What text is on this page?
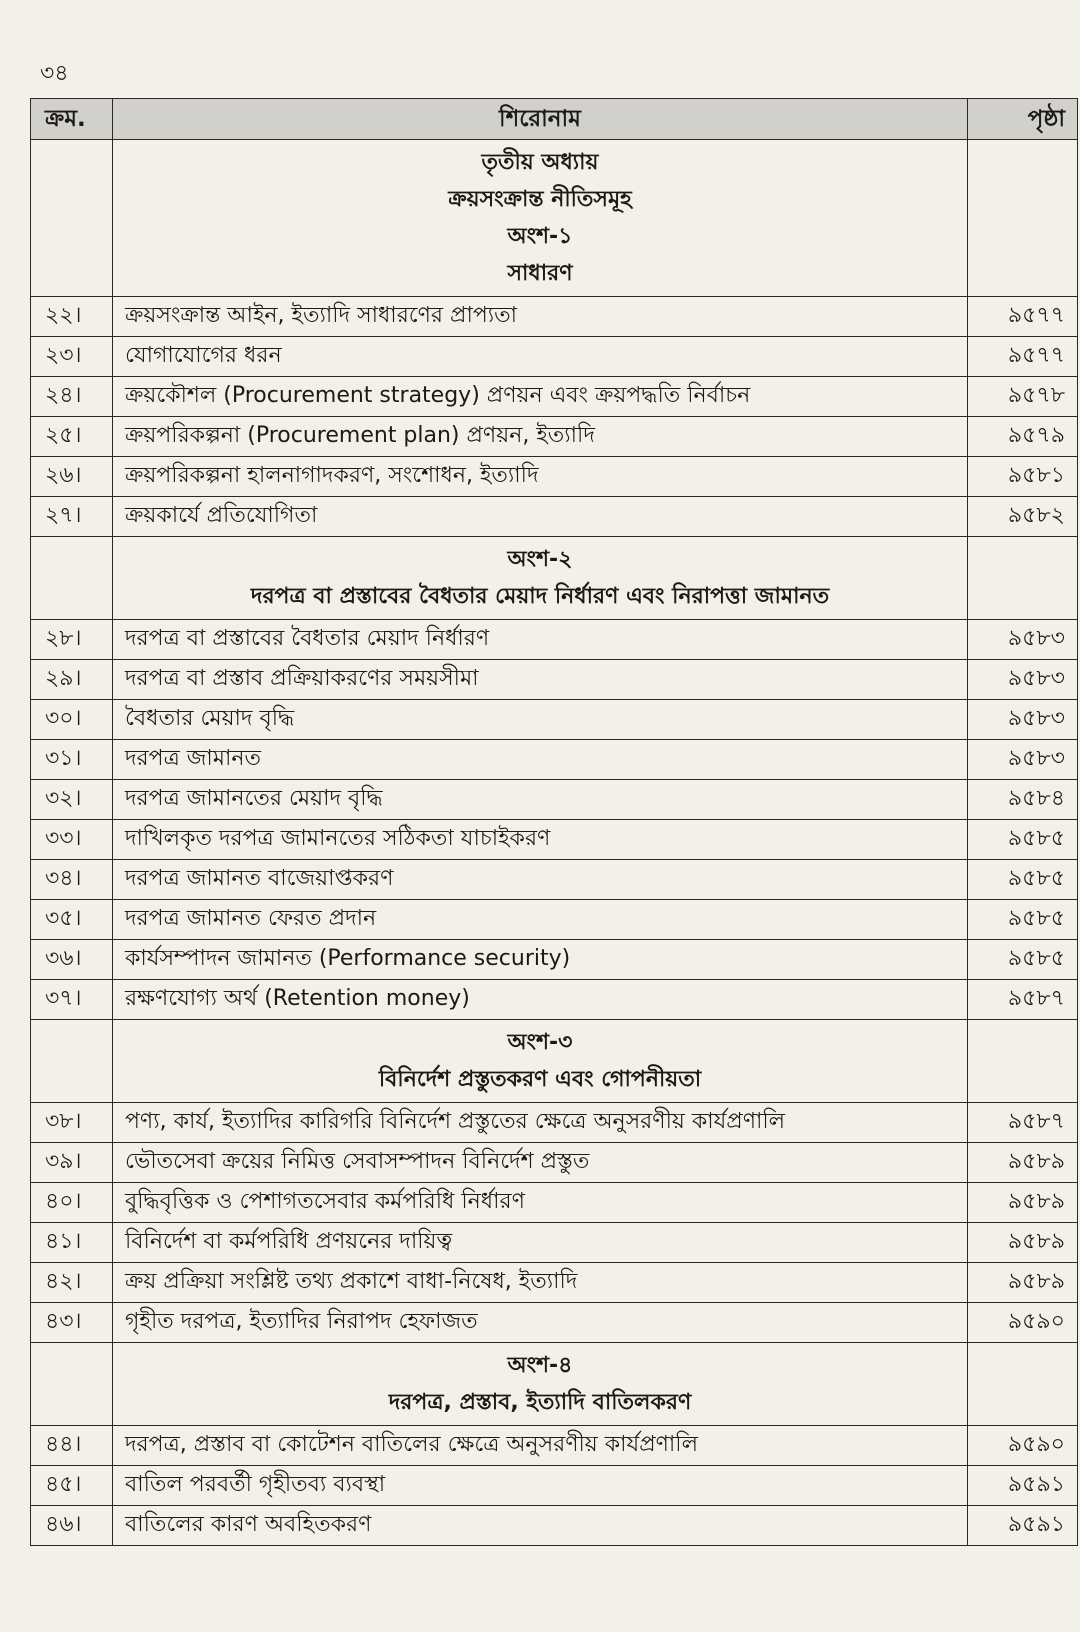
৩৪
ক্রম.	শিরোনাম	পৃষ্ঠা

	তৃতীয় অধ্যায়
ক্রয়সংক্রান্ত নীতিসমূহ
অংশ-১
সাধারণ	

২২।	ক্রয়সংক্রান্ত আইন, ইত্যাদি সাধারণের প্রাপ্যতা	৯৫৭৭
২৩।	যোগাযোগের ধরন	৯৫৭৭
২৪।	ক্রয়কৌশল (Procurement strategy) প্রণয়ন এবং ক্রয়পদ্ধতি নির্বাচন	৯৫৭৮
২৫।	ক্রয়পরিকল্পনা (Procurement plan) প্রণয়ন, ইত্যাদি	৯৫৭৯
২৬।	ক্রয়পরিকল্পনা হালনাগাদকরণ, সংশোধন, ইত্যাদি	৯৫৮১
২৭।	ক্রয়কার্যে প্রতিযোগিতা	৯৫৮২

	অংশ-২
দরপত্র বা প্রস্তাবের বৈধতার মেয়াদ নির্ধারণ এবং নিরাপত্তা জামানত	

২৮।	দরপত্র বা প্রস্তাবের বৈধতার মেয়াদ নির্ধারণ	৯৫৮৩
২৯।	দরপত্র বা প্রস্তাব প্রক্রিয়াকরণের সময়সীমা	৯৫৮৩
৩০।	বৈধতার মেয়াদ বৃদ্ধি	৯৫৮৩
৩১।	দরপত্র জামানত	৯৫৮৩
৩২।	দরপত্র জামানতের মেয়াদ বৃদ্ধি	৯৫৮৪
৩৩।	দাখিলকৃত দরপত্র জামানতের সঠিকতা যাচাইকরণ	৯৫৮৫
৩৪।	দরপত্র জামানত বাজেয়াপ্তকরণ	৯৫৮৫
৩৫।	দরপত্র জামানত ফেরত প্রদান	৯৫৮৫
৩৬।	কার্যসম্পাদন জামানত (Performance security)	৯৫৮৫
৩৭।	রক্ষণযোগ্য অর্থ (Retention money)	৯৫৮৭

	অংশ-৩
বিনির্দেশ প্রস্তুতকরণ এবং গোপনীয়তা	

৩৮।	পণ্য, কার্য, ইত্যাদির কারিগরি বিনির্দেশ প্রস্তুতের ক্ষেত্রে অনুসরণীয় কার্যপ্রণালি	৯৫৮৭
৩৯।	ভৌতসেবা ক্রয়ের নিমিত্ত সেবাসম্পাদন বিনির্দেশ প্রস্তুত	৯৫৮৯
৪০।	বুদ্ধিবৃত্তিক ও পেশাগতসেবার কর্মপরিধি নির্ধারণ	৯৫৮৯
৪১।	বিনির্দেশ বা কর্মপরিধি প্রণয়নের দায়িত্ব	৯৫৮৯
৪২।	ক্রয় প্রক্রিয়া সংশ্লিষ্ট তথ্য প্রকাশে বাধা-নিষেধ, ইত্যাদি	৯৫৮৯
৪৩।	গৃহীত দরপত্র, ইত্যাদির নিরাপদ হেফাজত	৯৫৯০

	অংশ-৪
দরপত্র, প্রস্তাব, ইত্যাদি বাতিলকরণ	

৪৪।	দরপত্র, প্রস্তাব বা কোটেশন বাতিলের ক্ষেত্রে অনুসরণীয় কার্যপ্রণালি	৯৫৯০
৪৫।	বাতিল পরবর্তী গৃহীতব্য ব্যবস্থা	৯৫৯১
৪৬।	বাতিলের কারণ অবহিতকরণ	৯৫৯১
